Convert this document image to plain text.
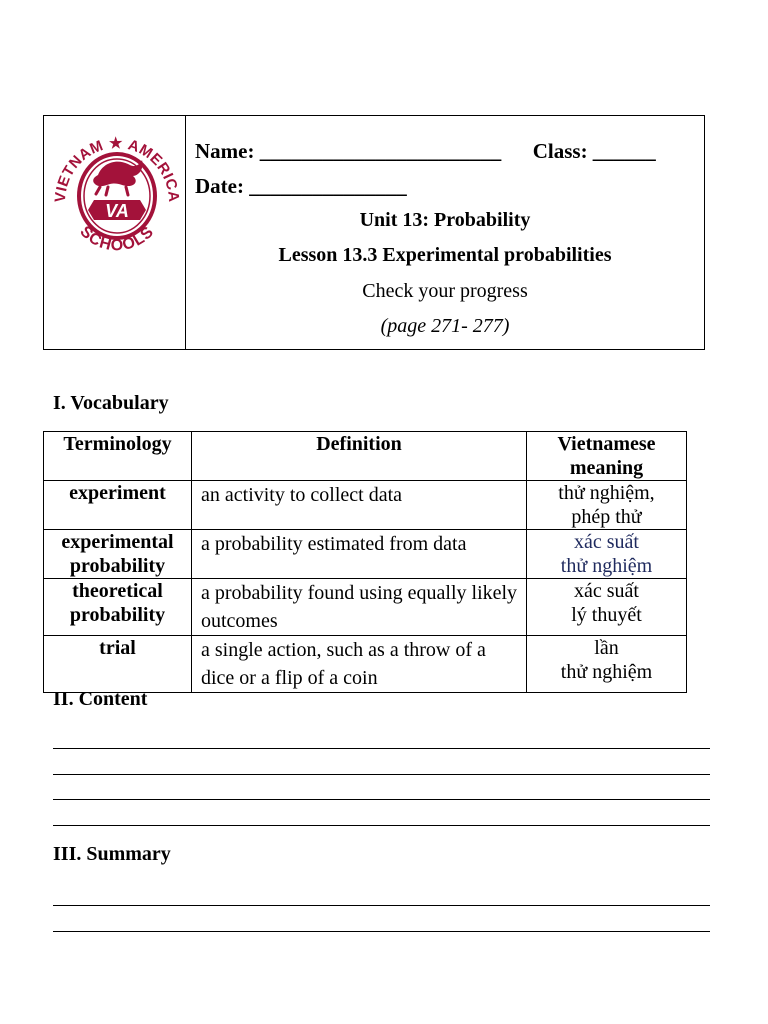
VA
VIETNAM ★ AMERICA
SCHOOLS
Name: _______________________      Class: ______
Date: _______________
Unit 13: Probability
Lesson 13.3 Experimental probabilities
Check your progress
(page 271- 277)
I. Vocabulary
Terminology	Definition	Vietnamese meaning
experiment	an activity to collect data	thử nghiệm,
phép thử
experimental probability	a probability estimated from data	xác suất
thử nghiệm
theoretical probability	a probability found using equally likely outcomes	xác suất
lý thuyết
trial	a single action, such as a throw of a dice or a flip of a coin	lần
thử nghiệm
II. Content
III. Summary
